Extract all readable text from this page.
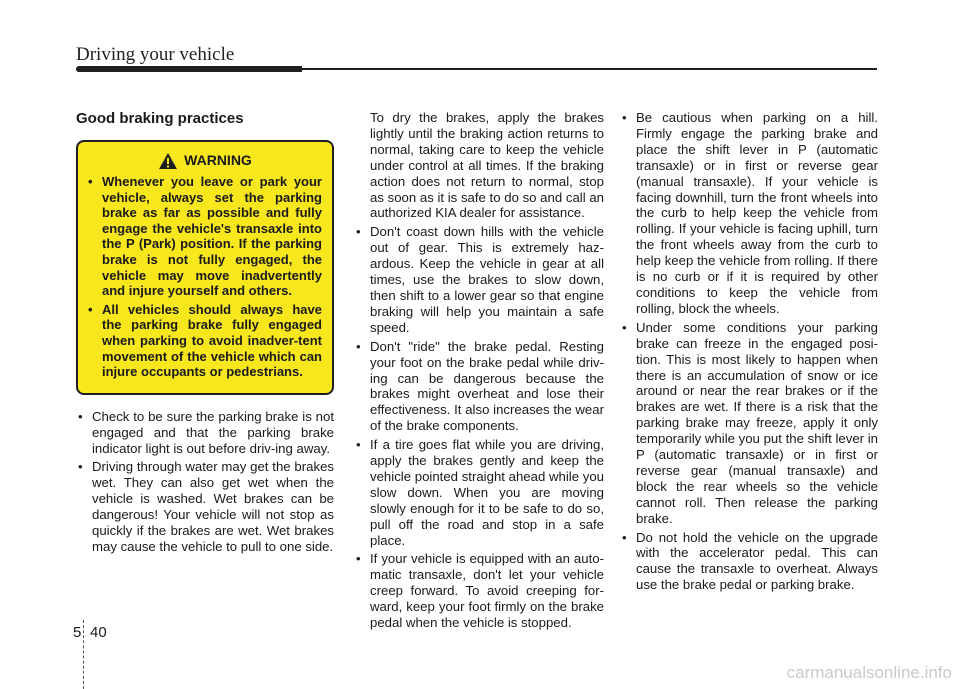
Driving your vehicle
Good braking practices
WARNING
• Whenever you leave or park your vehicle, always set the parking brake as far as possible and fully engage the vehicle's transaxle into the P (Park) position. If the parking brake is not fully engaged, the vehicle may move inadvertently and injure yourself and others.
• All vehicles should always have the parking brake fully engaged when parking to avoid inadver-tent movement of the vehicle which can injure occupants or pedestrians.
• Check to be sure the parking brake is not engaged and that the parking brake indicator light is out before driv-ing away.
• Driving through water may get the brakes wet. They can also get wet when the vehicle is washed. Wet brakes can be dangerous! Your vehicle will not stop as quickly if the brakes are wet. Wet brakes may cause the vehicle to pull to one side.

To dry the brakes, apply the brakes lightly until the braking action returns to normal, taking care to keep the vehicle under control at all times. If the braking action does not return to normal, stop as soon as it is safe to do so and call an authorized KIA dealer for assistance.

• Don't coast down hills with the vehicle out of gear. This is extremely haz-ardous. Keep the vehicle in gear at all times, use the brakes to slow down, then shift to a lower gear so that engine braking will help you maintain a safe speed.
• Don't "ride" the brake pedal. Resting your foot on the brake pedal while driv-ing can be dangerous because the brakes might overheat and lose their effectiveness. It also increases the wear of the brake components.
• If a tire goes flat while you are driving, apply the brakes gently and keep the vehicle pointed straight ahead while you slow down. When you are moving slowly enough for it to be safe to do so, pull off the road and stop in a safe place.
• If your vehicle is equipped with an auto-matic transaxle, don't let your vehicle creep forward. To avoid creeping for-ward, keep your foot firmly on the brake pedal when the vehicle is stopped.
• Be cautious when parking on a hill. Firmly engage the parking brake and place the shift lever in P (automatic transaxle) or in first or reverse gear (manual transaxle). If your vehicle is facing downhill, turn the front wheels into the curb to help keep the vehicle from rolling. If your vehicle is facing uphill, turn the front wheels away from the curb to help keep the vehicle from rolling. If there is no curb or if it is required by other conditions to keep the vehicle from rolling, block the wheels.
• Under some conditions your parking brake can freeze in the engaged posi-tion. This is most likely to happen when there is an accumulation of snow or ice around or near the rear brakes or if the brakes are wet. If there is a risk that the parking brake may freeze, apply it only temporarily while you put the shift lever in P (automatic transaxle) or in first or reverse gear (manual transaxle) and block the rear wheels so the vehicle cannot roll. Then release the parking brake.
• Do not hold the vehicle on the upgrade with the accelerator pedal. This can cause the transaxle to overheat. Always use the brake pedal or parking brake.
5 40
carmanualsonline.info
